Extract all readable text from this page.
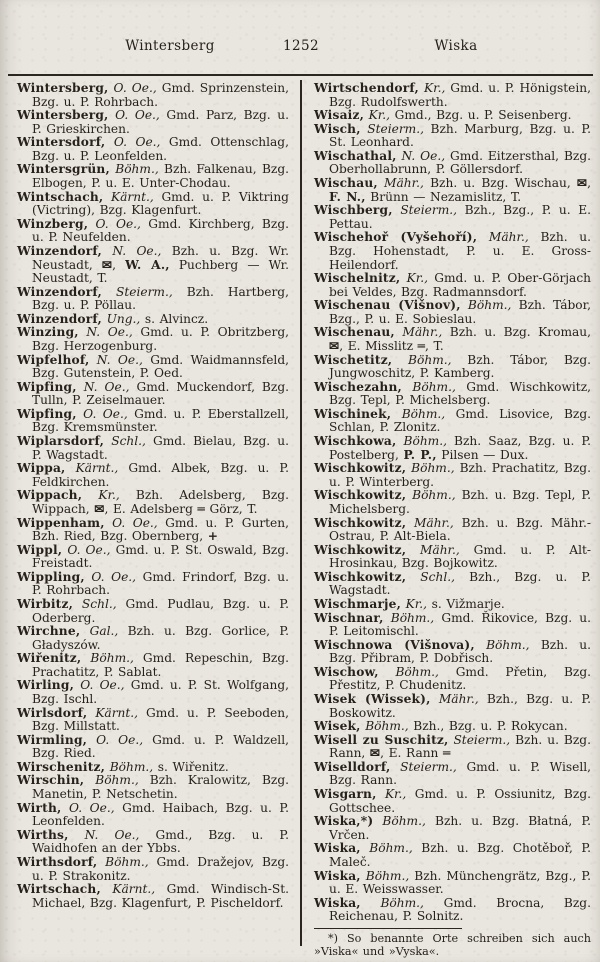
Wintersberg	1252	Wiska

Wintersberg, O. Oe., Gmd. Sprinzenstein, Bzg. u. P. Rohrbach.

Wintersberg, O. Oe., Gmd. Parz, Bzg. u. P. Grieskirchen.

Wintersdorf, O. Oe., Gmd. Ottenschlag, Bzg. u. P. Leonfelden.

Wintersgrün, Böhm., Bzh. Falkenau, Bzg. Elbogen, P. u. E. Unter-Chodau.

Wintschach, Kärnt., Gmd. u. P. Viktring (Victring), Bzg. Klagenfurt.

Winzberg, O. Oe., Gmd. Kirchberg, Bzg. u. P. Neufelden.

Winzendorf, N. Oe., Bzh. u. Bzg. Wr. Neustadt, ✉, W. A., Puchberg — Wr. Neustadt, T.

Winzendorf, Steierm., Bzh. Hartberg, Bzg. u. P. Pöllau.

Winzendorf, Ung., s. Alvincz.

Winzing, N. Oe., Gmd. u. P. Obritzberg, Bzg. Herzogenburg.

Wipfelhof, N. Oe., Gmd. Waidmannsfeld, Bzg. Gutenstein, P. Oed.

Wipfing, N. Oe., Gmd. Muckendorf, Bzg. Tulln, P. Zeiselmauer.

Wipfing, O. Oe., Gmd. u. P. Eberstallzell, Bzg. Kremsmünster.

Wiplarsdorf, Schl., Gmd. Bielau, Bzg. u. P. Wagstadt.

Wippa, Kärnt., Gmd. Albek, Bzg. u. P. Feldkirchen.

Wippach, Kr., Bzh. Adelsberg, Bzg. Wippach, ✉, E. Adelsberg ═ Görz, T.

Wippenham, O. Oe., Gmd. u. P. Gurten, Bzh. Ried, Bzg. Obernberg, +

Wippl, O. Oe., Gmd. u. P. St. Oswald, Bzg. Freistadt.

Wippling, O. Oe., Gmd. Frindorf, Bzg. u. P. Rohrbach.

Wirbitz, Schl., Gmd. Pudlau, Bzg. u. P. Oderberg.

Wirchne, Gal., Bzh. u. Bzg. Gorlice, P. Gładyszów.

Wiřenitz, Böhm., Gmd. Repeschin, Bzg. Prachatitz, P. Sablat.

Wirling, O. Oe., Gmd. u. P. St. Wolfgang, Bzg. Ischl.

Wirlsdorf, Kärnt., Gmd. u. P. Seeboden, Bzg. Millstatt.

Wirmling, O. Oe., Gmd. u. P. Waldzell, Bzg. Ried.

Wirschenitz, Böhm., s. Wiřenitz.

Wirschin, Böhm., Bzh. Kralowitz, Bzg. Manetin, P. Netschetin.

Wirth, O. Oe., Gmd. Haibach, Bzg. u. P. Leonfelden.

Wirths, N. Oe., Gmd., Bzg. u. P. Waidhofen an der Ybbs.

Wirthsdorf, Böhm., Gmd. Dražejov, Bzg. u. P. Strakonitz.

Wirtschach, Kärnt., Gmd. Windisch-St. Michael, Bzg. Klagenfurt, P. Pischeldorf.

Wirtschendorf, Kr., Gmd. u. P. Hönigstein, Bzg. Rudolfswerth.

Wisaiz, Kr., Gmd., Bzg. u. P. Seisenberg.

Wisch, Steierm., Bzh. Marburg, Bzg. u. P. St. Leonhard.

Wischathal, N. Oe., Gmd. Eitzersthal, Bzg. Oberhollabrunn, P. Göllersdorf.

Wischau, Mähr., Bzh. u. Bzg. Wischau, ✉, F. N., Brünn — Nezamislitz, T.

Wischberg, Steierm., Bzh., Bzg., P. u. E. Pettau.

Wischehoř (Vyšehoří), Mähr., Bzh. u. Bzg. Hohenstadt, P. u. E. Gross-Heilendorf.

Wischelnitz, Kr., Gmd. u. P. Ober-Görjach bei Veldes, Bzg. Radmannsdorf.

Wischenau (Višnov), Böhm., Bzh. Tábor, Bzg., P. u. E. Sobieslau.

Wischenau, Mähr., Bzh. u. Bzg. Kromau, ✉, E. Misslitz ═, T.

Wischetitz, Böhm., Bzh. Tábor, Bzg. Jungwoschitz, P. Kamberg.

Wischezahn, Böhm., Gmd. Wischkowitz, Bzg. Tepl, P. Michelsberg.

Wischinek, Böhm., Gmd. Lisovice, Bzg. Schlan, P. Zlonitz.

Wischkowa, Böhm., Bzh. Saaz, Bzg. u. P. Postelberg, P. P., Pilsen — Dux.

Wischkowitz, Böhm., Bzh. Prachatitz, Bzg. u. P. Winterberg.

Wischkowitz, Böhm., Bzh. u. Bzg. Tepl, P. Michelsberg.

Wischkowitz, Mähr., Bzh. u. Bzg. Mähr.-Ostrau, P. Alt-Biela.

Wischkowitz, Mähr., Gmd. u. P. Alt-Hrosinkau, Bzg. Bojkowitz.

Wischkowitz, Schl., Bzh., Bzg. u. P. Wagstadt.

Wischmarje, Kr., s. Vižmarje.

Wischnar, Böhm., Gmd. Řikovice, Bzg. u. P. Leitomischl.

Wischnowa (Višnova), Böhm., Bzh. u. Bzg. Přibram, P. Dobřisch.

Wischow, Böhm., Gmd. Přetin, Bzg. Přestitz, P. Chudenitz.

Wisek (Wissek), Mähr., Bzh., Bzg. u. P. Boskowitz.

Wisek, Böhm., Bzh., Bzg. u. P. Rokycan.

Wisell zu Suschitz, Steierm., Bzh. u. Bzg. Rann, ✉, E. Rann ═

Wiselldorf, Steierm., Gmd. u. P. Wisell, Bzg. Rann.

Wisgarn, Kr., Gmd. u. P. Ossiunitz, Bzg. Gottschee.

Wiska,*) Böhm., Bzh. u. Bzg. Błatná, P. Vrčen.

Wiska, Böhm., Bzh. u. Bzg. Chotěboř, P. Maleč.

Wiska, Böhm., Bzh. Münchengrätz, Bzg., P. u. E. Weisswasser.

Wiska, Böhm., Gmd. Brocna, Bzg. Reichenau, P. Solnitz.

*) So benannte Orte schreiben sich auch »Viska« und »Vyska«.
